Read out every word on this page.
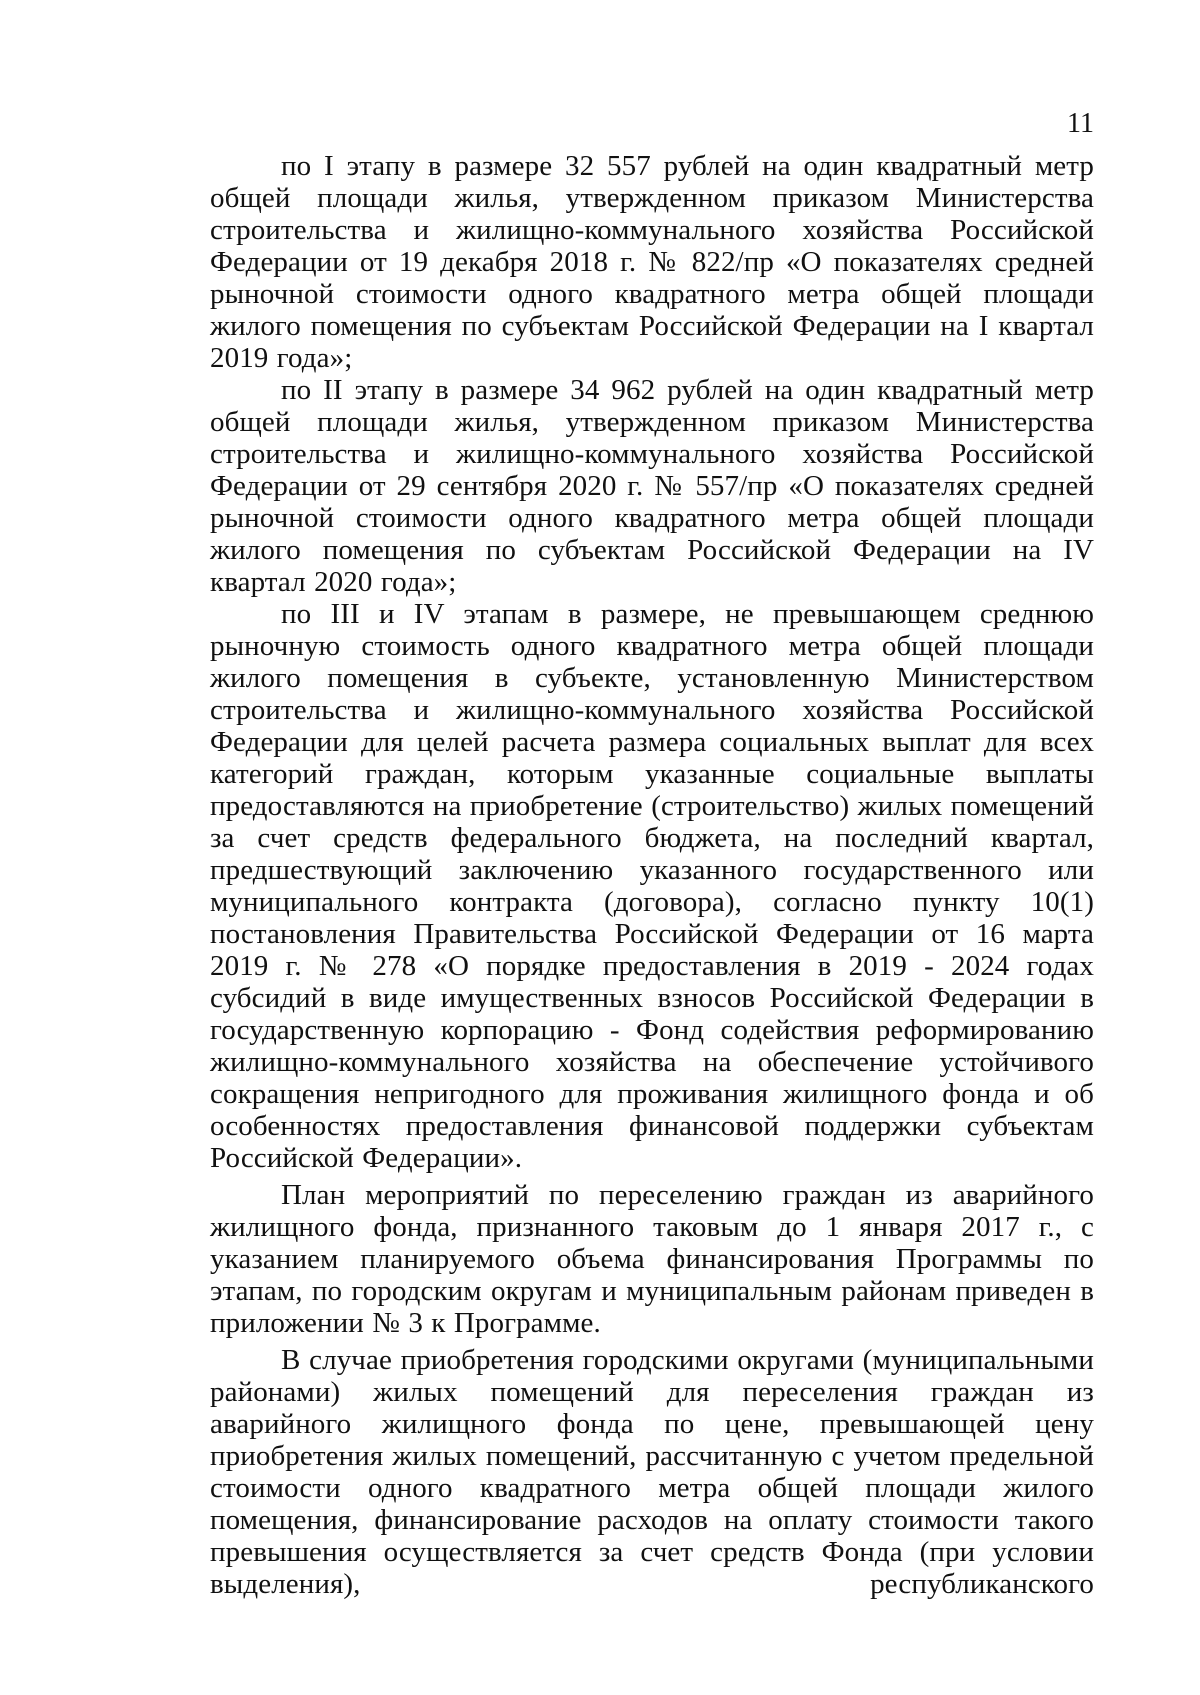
11

по I этапу в размере 32 557 рублей на один квадратный метр общей площади жилья, утвержденном приказом Министерства строительства и жилищно-коммунального хозяйства Российской Федерации от 19 декабря 2018 г. № 822/пр «О показателях средней рыночной стоимости одного квадратного метра общей площади жилого помещения по субъектам Российской Федерации на I квартал 2019 года»;

по II этапу в размере 34 962 рублей на один квадратный метр общей площади жилья, утвержденном приказом Министерства строительства и жилищно-коммунального хозяйства Российской Федерации от 29 сентября 2020 г. № 557/пр «О показателях средней рыночной стоимости одного квадратного метра общей площади жилого помещения по субъектам Российской Федерации на IV квартал 2020 года»;

по III и IV этапам в размере, не превышающем среднюю рыночную стоимость одного квадратного метра общей площади жилого помещения в субъекте, установленную Министерством строительства и жилищно-коммунального хозяйства Российской Федерации для целей расчета размера социальных выплат для всех категорий граждан, которым указанные социальные выплаты предоставляются на приобретение (строительство) жилых помещений за счет средств федерального бюджета, на последний квартал, предшествующий заключению указанного государственного или муниципального контракта (договора), согласно пункту 10(1) постановления Правительства Российской Федерации от 16 марта 2019 г. № 278 «О порядке предоставления в 2019 - 2024 годах субсидий в виде имущественных взносов Российской Федерации в государственную корпорацию - Фонд содействия реформированию жилищно-коммунального хозяйства на обеспечение устойчивого сокращения непригодного для проживания жилищного фонда и об особенностях предоставления финансовой поддержки субъектам Российской Федерации».

План мероприятий по переселению граждан из аварийного жилищного фонда, признанного таковым до 1 января 2017 г., с указанием планируемого объема финансирования Программы по этапам, по городским округам и муниципальным районам приведен в приложении № 3 к Программе.

В случае приобретения городскими округами (муниципальными районами) жилых помещений для переселения граждан из аварийного жилищного фонда по цене, превышающей цену приобретения жилых помещений, рассчитанную с учетом предельной стоимости одного квадратного метра общей площади жилого помещения, финансирование расходов на оплату стоимости такого превышения осуществляется за счет средств Фонда (при условии выделения), республиканского
